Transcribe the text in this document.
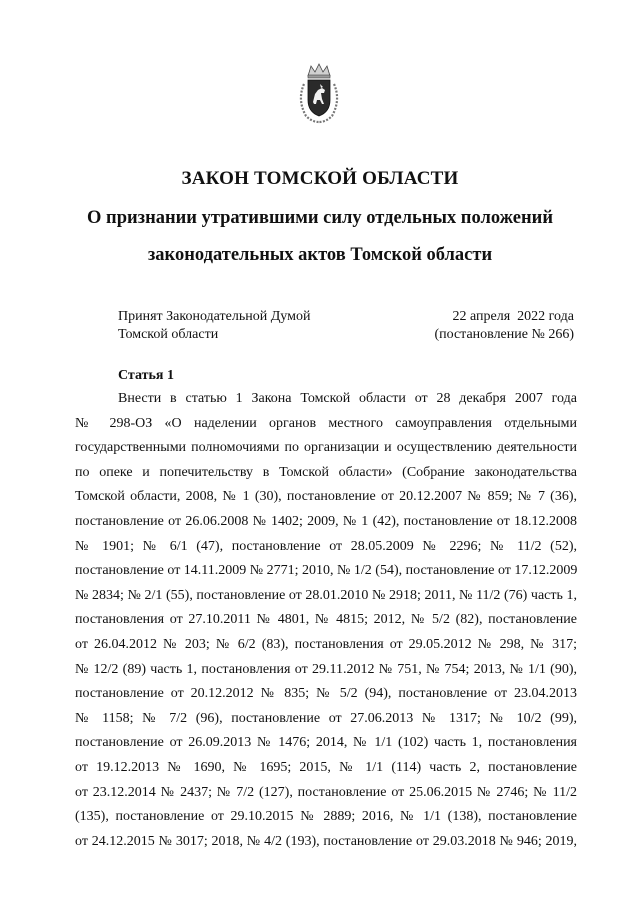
ЗАКОН ТОМСКОЙ ОБЛАСТИ
О признании утратившими силу отдельных положений
законодательных актов Томской области
Принят Законодательной Думой
Томской области
22 апреля  2022 года
(постановление № 266)
Статья 1
Внести в статью 1 Закона Томской области от 28 декабря 2007 года
№ 298-ОЗ «О наделении органов местного самоуправления отдельными
государственными полномочиями по организации и осуществлению деятельности
по опеке и попечительству в Томской области» (Собрание законодательства
Томской области, 2008, № 1 (30), постановление от 20.12.2007 № 859; № 7 (36),
постановление от 26.06.2008 № 1402; 2009, № 1 (42), постановление от 18.12.2008
№ 1901; № 6/1 (47), постановление от 28.05.2009 № 2296; № 11/2 (52),
постановление от 14.11.2009 № 2771; 2010, № 1/2 (54), постановление от 17.12.2009
№ 2834; № 2/1 (55), постановление от 28.01.2010 № 2918; 2011, № 11/2 (76) часть 1,
постановления от 27.10.2011 № 4801, № 4815; 2012, № 5/2 (82), постановление
от 26.04.2012 № 203; № 6/2 (83), постановления от 29.05.2012 № 298, № 317;
№ 12/2 (89) часть 1, постановления от 29.11.2012 № 751, № 754; 2013, № 1/1 (90),
постановление от 20.12.2012 № 835; № 5/2 (94), постановление от 23.04.2013
№ 1158; № 7/2 (96), постановление от 27.06.2013 № 1317; № 10/2 (99),
постановление от 26.09.2013 № 1476; 2014, № 1/1 (102) часть 1, постановления
от 19.12.2013 № 1690, № 1695; 2015, № 1/1 (114) часть 2, постановление
от 23.12.2014 № 2437; № 7/2 (127), постановление от 25.06.2015 № 2746; № 11/2
(135), постановление от 29.10.2015 № 2889; 2016, № 1/1 (138), постановление
от 24.12.2015 № 3017; 2018, № 4/2 (193), постановление от 29.03.2018 № 946; 2019,
